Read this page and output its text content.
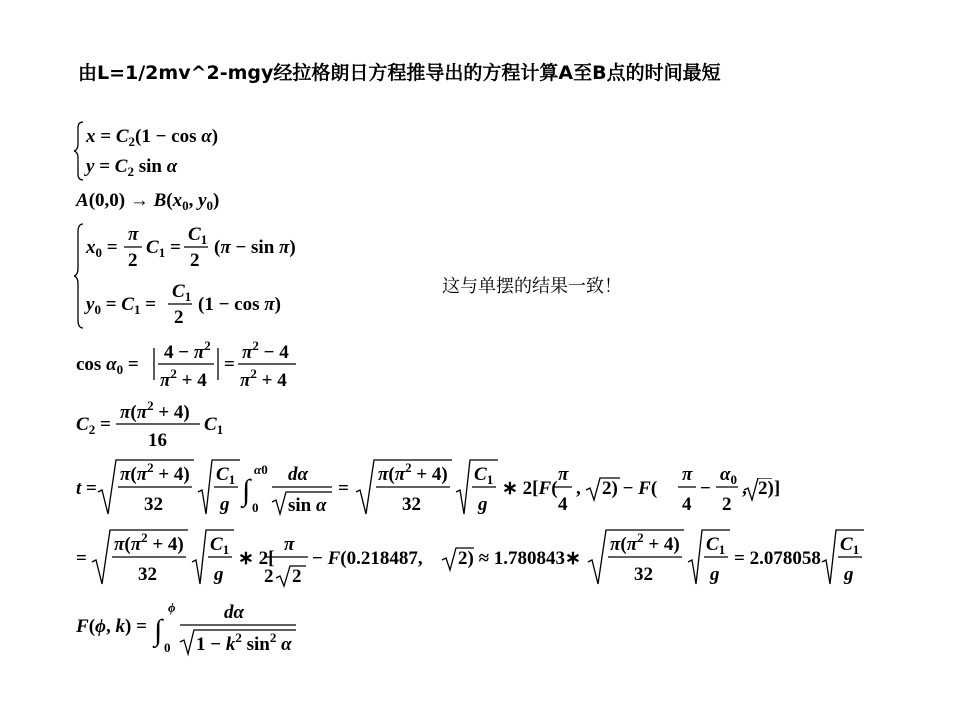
由L=1/2mv^2-mgy经拉格朗日方程推导出的方程计算A至B点的时间最短
$x = C_2(1 - \cos \alpha)$
$y = C_2$ sin α
$A(0,0) \to B(x_0$, $y_0$)
$x_0$ =
π
2
$C_1$ =
$C_1$
2
(π − sin π)
$y_0 = C_1$ =
$C_1$
2
(1 − cos π)
这与单摆的结果一致！
$\cos \alpha_0$ =
$4 - \pi^2$
$\pi^2 + 4$
=
$\pi^2 - 4$
$\pi^2 + 4$
$C_2$ =
$\pi(\pi^2 + 4)$
16
$C_1$
t =
$\pi(\pi^2 + 4)$
32
$C_1$
g ∫
α0
0
dα
sin α
=
$\pi(\pi^2 + 4)$
32
$C_1$
g
∗ 2[F(
π
4
, 2) − F(
π
4
−
$\alpha_0$
2
, 2)]
=
$\pi(\pi^2 + 4)$
32
$C_1$
g
∗ 2[
π
2 2
− F(0.218487, 2) ≈ 1.780843∗
$\pi(\pi^2 + 4)$
32
$C_1$
g
= 2.078058
$C_1$
g
F(ϕ, k) = ∫
ϕ
0
dα
$1 - k^2$ $\sin^2 \alpha$
